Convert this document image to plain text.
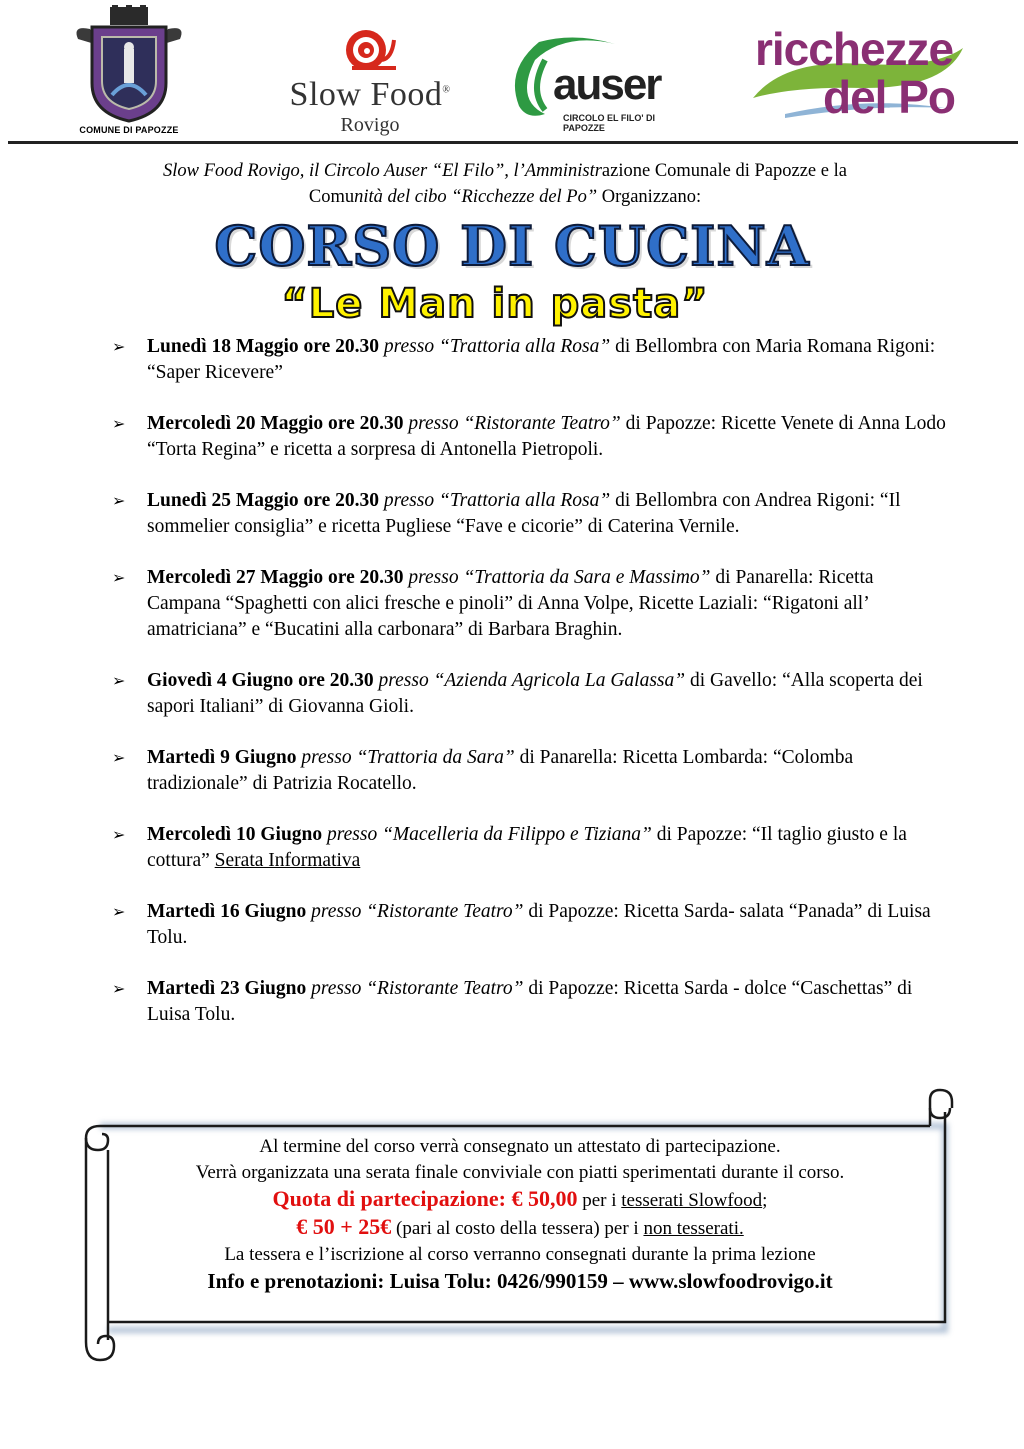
COMUNE DI PAPOZZE
Slow Food®
Rovigo
auser
CIRCOLO EL FILO' DI PAPOZZE
ricchezze
del Po
Slow Food Rovigo, il Circolo Auser “El Filo”, l’Amministrazione Comunale di Papozze e la
Comunità del cibo “Ricchezze del Po” Organizzano:
CORSO DI CUCINA
“Le Man in pasta”
➢ Lunedì 18 Maggio ore 20.30 presso “Trattoria alla Rosa” di Bellombra con Maria Romana Rigoni: “Saper Ricevere”
➢ Mercoledì 20 Maggio ore 20.30 presso “Ristorante Teatro” di Papozze: Ricette Venete di Anna Lodo “Torta Regina” e ricetta a sorpresa di Antonella Pietropoli.
➢ Lunedì 25 Maggio ore 20.30 presso “Trattoria alla Rosa” di Bellombra con Andrea Rigoni: “Il sommelier consiglia” e ricetta Pugliese “Fave e cicorie” di Caterina Vernile.
➢ Mercoledì 27 Maggio ore 20.30 presso “Trattoria da Sara e Massimo” di Panarella: Ricetta Campana “Spaghetti con alici fresche e pinoli” di Anna Volpe, Ricette Laziali: “Rigatoni all’ amatriciana” e “Bucatini alla carbonara” di Barbara Braghin.
➢ Giovedì 4 Giugno ore 20.30 presso “Azienda Agricola La Galassa” di Gavello: “Alla scoperta dei sapori Italiani” di Giovanna Gioli.
➢ Martedì 9 Giugno presso “Trattoria da Sara” di Panarella: Ricetta Lombarda: “Colomba tradizionale” di Patrizia Rocatello.
➢ Mercoledì 10 Giugno presso “Macelleria da Filippo e Tiziana” di Papozze: “Il taglio giusto e la cottura” Serata Informativa
➢ Martedì 16 Giugno presso “Ristorante Teatro” di Papozze: Ricetta Sarda- salata “Panada” di Luisa Tolu.
➢ Martedì 23 Giugno presso “Ristorante Teatro” di Papozze: Ricetta Sarda - dolce “Caschettas” di Luisa Tolu.
Al termine del corso verrà consegnato un attestato di partecipazione.
Verrà organizzata una serata finale conviviale con piatti sperimentati durante il corso.
Quota di partecipazione: € 50,00 per i tesserati Slowfood;
€ 50 + 25€ (pari al costo della tessera) per i non tesserati.
La tessera e l’iscrizione al corso verranno consegnati durante la prima lezione
Info e prenotazioni: Luisa Tolu: 0426/990159 – www.slowfoodrovigo.it
